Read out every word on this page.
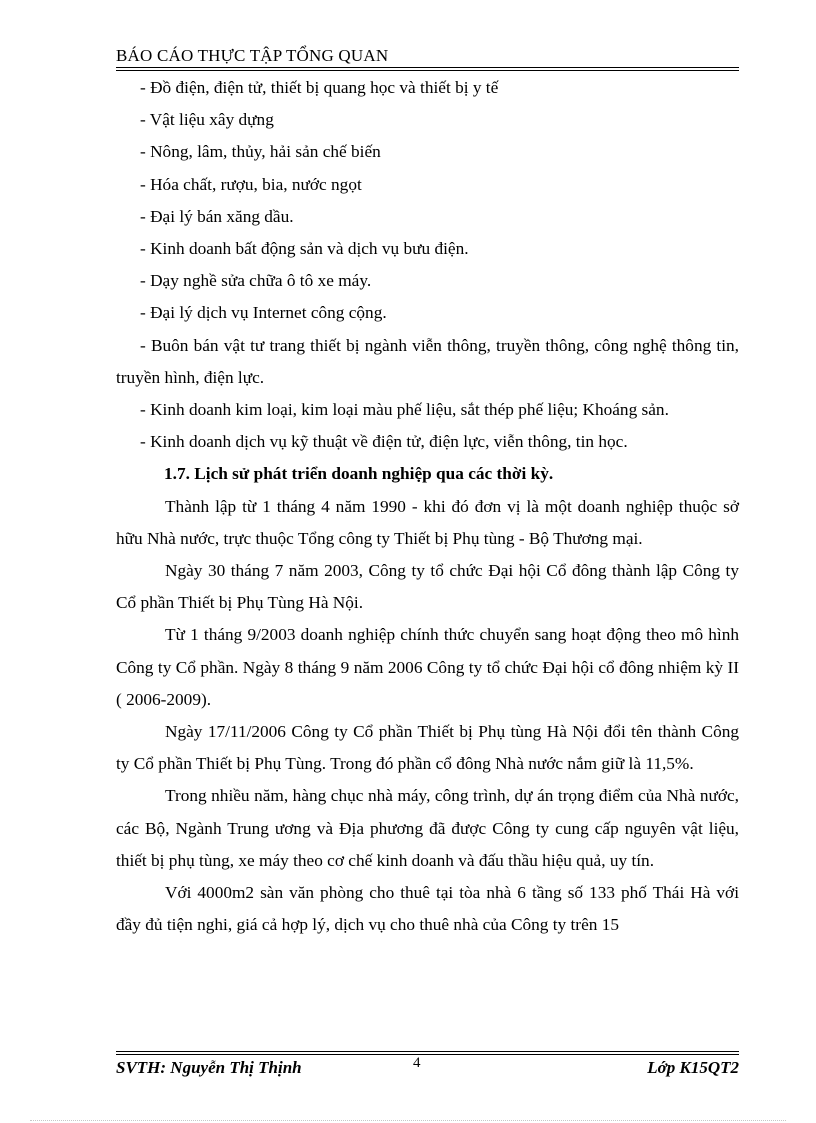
BÁO CÁO THỰC TẬP TỔNG QUAN

- Đồ điện, điện tử, thiết bị quang học và thiết bị y tế

- Vật liệu xây dựng

- Nông, lâm, thủy, hải sản chế biến

- Hóa chất, rượu, bia, nước ngọt

- Đại lý bán xăng dầu.

- Kinh doanh bất động sản và dịch vụ bưu điện.

- Dạy nghề sửa chữa ô tô xe máy.

- Đại lý dịch vụ Internet công cộng.

- Buôn bán vật tư trang thiết bị ngành viễn thông, truyền thông, công nghệ thông tin, truyền hình, điện lực.

- Kinh doanh kim loại, kim loại màu phế liệu, sắt thép phế liệu; Khoáng sản.

- Kinh doanh dịch vụ kỹ thuật về điện tử, điện lực, viễn thông, tin học.

1.7. Lịch sử phát triển doanh nghiệp qua các thời kỳ.

Thành lập từ 1 tháng 4 năm 1990 - khi đó đơn vị là một doanh nghiệp thuộc sở hữu Nhà nước, trực thuộc Tổng công ty Thiết bị Phụ tùng - Bộ Thương mại.

Ngày 30 tháng 7 năm 2003, Công ty tổ chức Đại hội Cổ đông thành lập Công ty Cổ phần Thiết bị Phụ Tùng Hà Nội.

Từ 1 tháng 9/2003 doanh nghiệp chính thức chuyển sang hoạt động theo mô hình Công ty Cổ phần. Ngày 8 tháng 9 năm 2006 Công ty tổ chức Đại hội cổ đông nhiệm kỳ II ( 2006-2009).

Ngày 17/11/2006 Công ty Cổ phần Thiết bị Phụ tùng Hà Nội đổi tên thành Công ty Cổ phần Thiết bị Phụ Tùng. Trong đó phần cổ đông Nhà nước nắm giữ là 11,5%.

Trong nhiều năm, hàng chục nhà máy, công trình, dự án trọng điểm của Nhà nước, các Bộ, Ngành Trung ương và Địa phương đã được Công ty cung cấp nguyên vật liệu, thiết bị phụ tùng, xe máy theo cơ chế kinh doanh và đấu thầu hiệu quả, uy tín.

Với 4000m2 sàn văn phòng cho thuê tại tòa nhà 6 tầng số 133 phố Thái Hà với đầy đủ tiện nghi, giá cả hợp lý, dịch vụ cho thuê nhà của Công ty trên 15

SVTH: Nguyễn Thị Thịnh	4	Lớp K15QT2
